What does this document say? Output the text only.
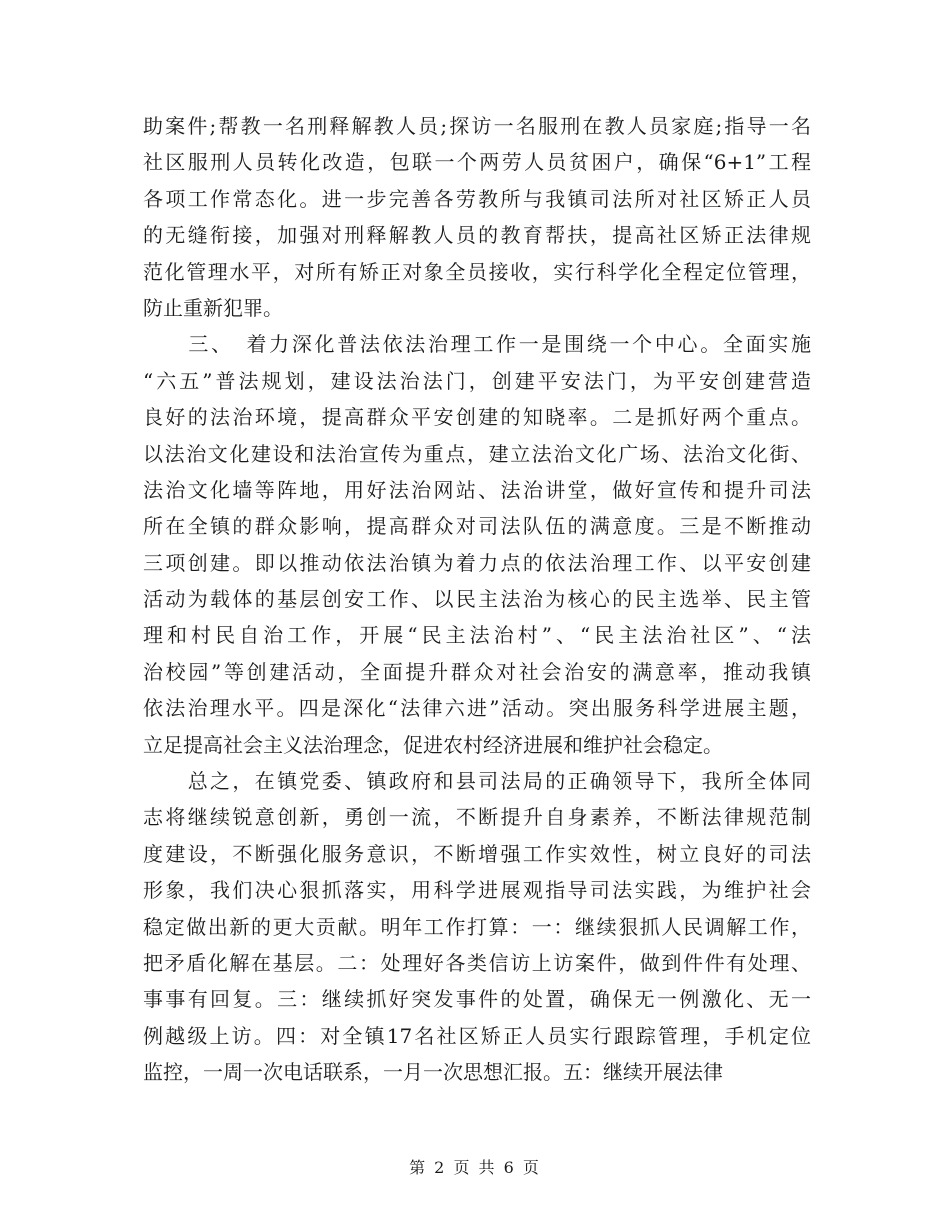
助案件;帮教一名刑释解教人员;探访一名服刑在教人员家庭;指导一名
社区服刑人员转化改造，包联一个两劳人员贫困户，确保“6+1”工程
各项工作常态化。进一步完善各劳教所与我镇司法所对社区矫正人员
的无缝衔接，加强对刑释解教人员的教育帮扶，提高社区矫正法律规
范化管理水平，对所有矫正对象全员接收，实行科学化全程定位管理，
防止重新犯罪。
　　三、　着力深化普法依法治理工作一是围绕一个中心。全面实施
“六五”普法规划，建设法治法门，创建平安法门，为平安创建营造
良好的法治环境，提高群众平安创建的知晓率。二是抓好两个重点。
以法治文化建设和法治宣传为重点，建立法治文化广场、法治文化街、
法治文化墙等阵地，用好法治网站、法治讲堂，做好宣传和提升司法
所在全镇的群众影响，提高群众对司法队伍的满意度。三是不断推动
三项创建。即以推动依法治镇为着力点的依法治理工作、以平安创建
活动为载体的基层创安工作、以民主法治为核心的民主选举、民主管
理和村民自治工作，开展“民主法治村”、“民主法治社区”、“法
治校园”等创建活动，全面提升群众对社会治安的满意率，推动我镇
依法治理水平。四是深化“法律六进”活动。突出服务科学进展主题，
立足提高社会主义法治理念，促进农村经济进展和维护社会稳定。
　　总之，在镇党委、镇政府和县司法局的正确领导下，我所全体同
志将继续锐意创新，勇创一流，不断提升自身素养，不断法律规范制
度建设，不断强化服务意识，不断增强工作实效性，树立良好的司法
形象，我们决心狠抓落实，用科学进展观指导司法实践，为维护社会
稳定做出新的更大贡献。明年工作打算：一：继续狠抓人民调解工作，
把矛盾化解在基层。二：处理好各类信访上访案件，做到件件有处理、
事事有回复。三：继续抓好突发事件的处置，确保无一例激化、无一
例越级上访。四：对全镇17名社区矫正人员实行跟踪管理，手机定位
监控，一周一次电话联系，一月一次思想汇报。五：继续开展法律
第 2 页 共 6 页
